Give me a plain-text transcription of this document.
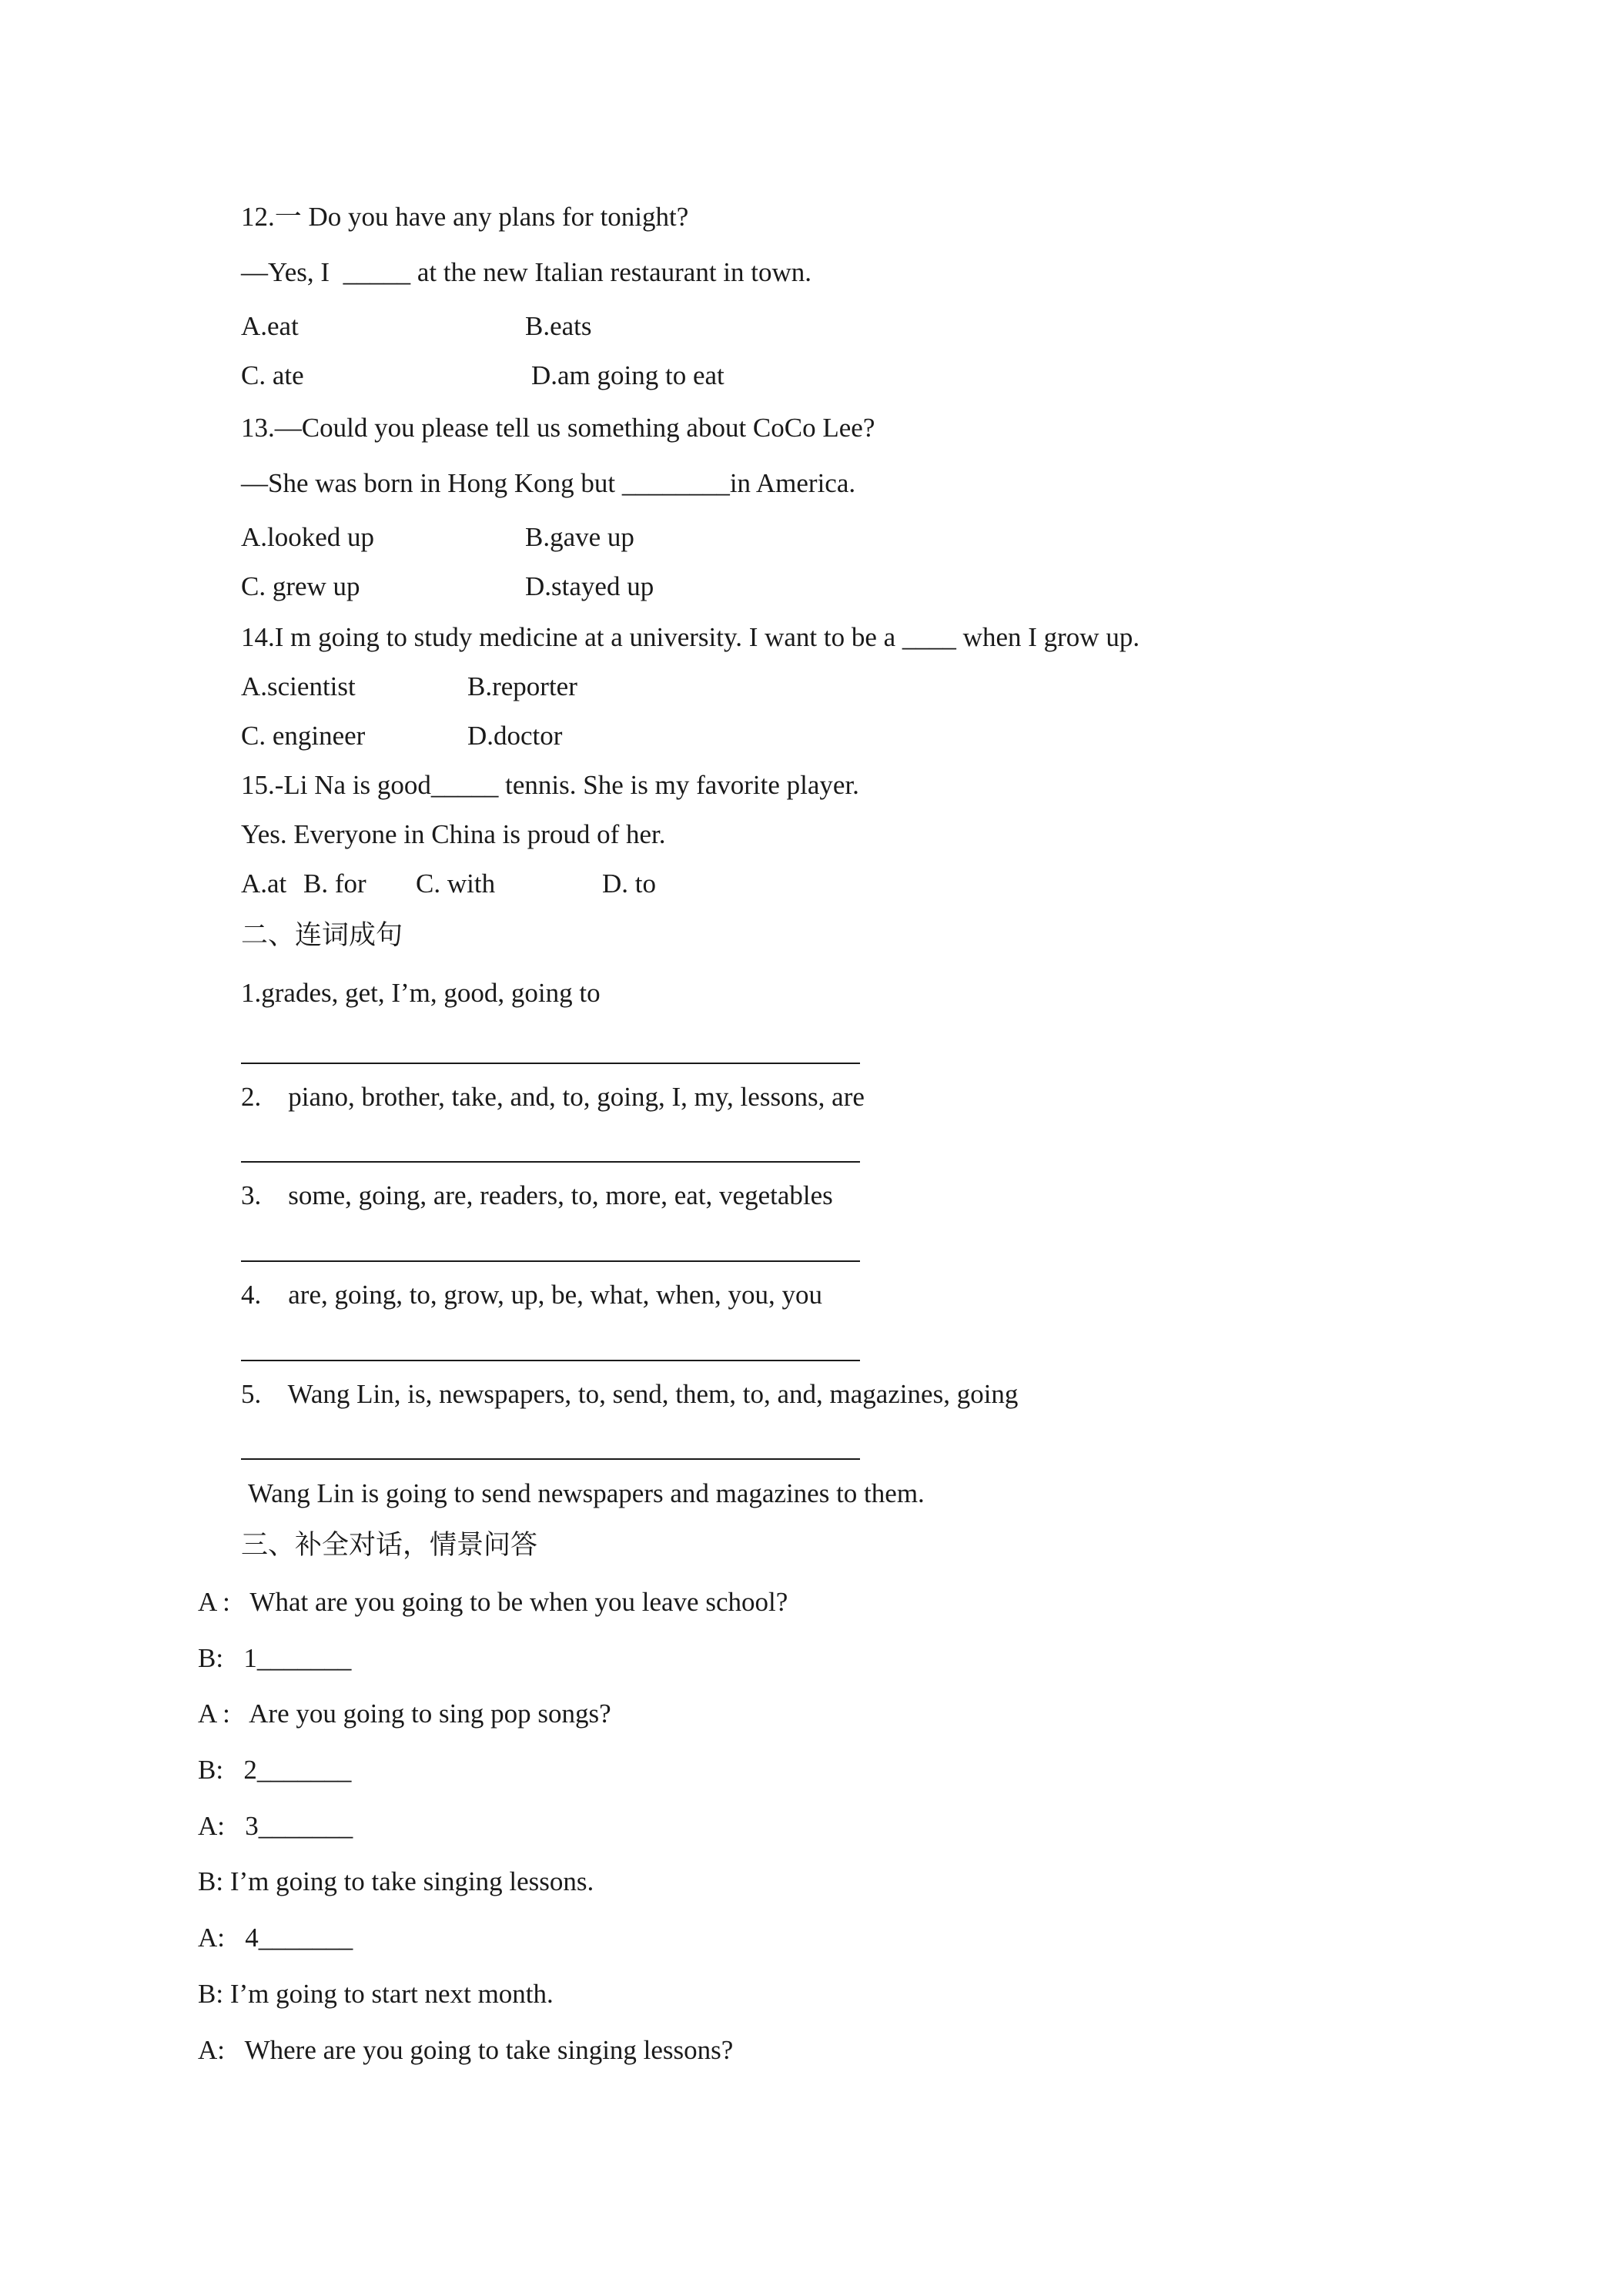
12.一 Do you have any plans for tonight?
—Yes, I  _____ at the new Italian restaurant in town.
A.eat	B.eats
C. ate	D.am going to eat
13.—Could you please tell us something about CoCo Lee?
—She was born in Hong Kong but ________in America.
A.looked up	B.gave up
C. grew up	D.stayed up
14.I m going to study medicine at a university. I want to be a ____ when I grow up.
A.scientist	B.reporter
C. engineer	D.doctor
15.-Li Na is good_____ tennis. She is my favorite player.
Yes. Everyone in China is proud of her.
A.at B. for C. with	D. to
二、连词成句
1.grades, get, I’m, good, going to
2.    piano, brother, take, and, to, going, I, my, lessons, are
3.    some, going, are, readers, to, more, eat, vegetables
4.    are, going, to, grow, up, be, what, when, you, you
5.    Wang Lin, is, newspapers, to, send, them, to, and, magazines, going
Wang Lin is going to send newspapers and magazines to them.
三、补全对话，情景问答
A :   What are you going to be when you leave school?
B:   1_______
A :   Are you going to sing pop songs?
B:   2_______
A:   3_______
B: I’m going to take singing lessons.
A:   4_______
B: I’m going to start next month.
A:   Where are you going to take singing lessons?
